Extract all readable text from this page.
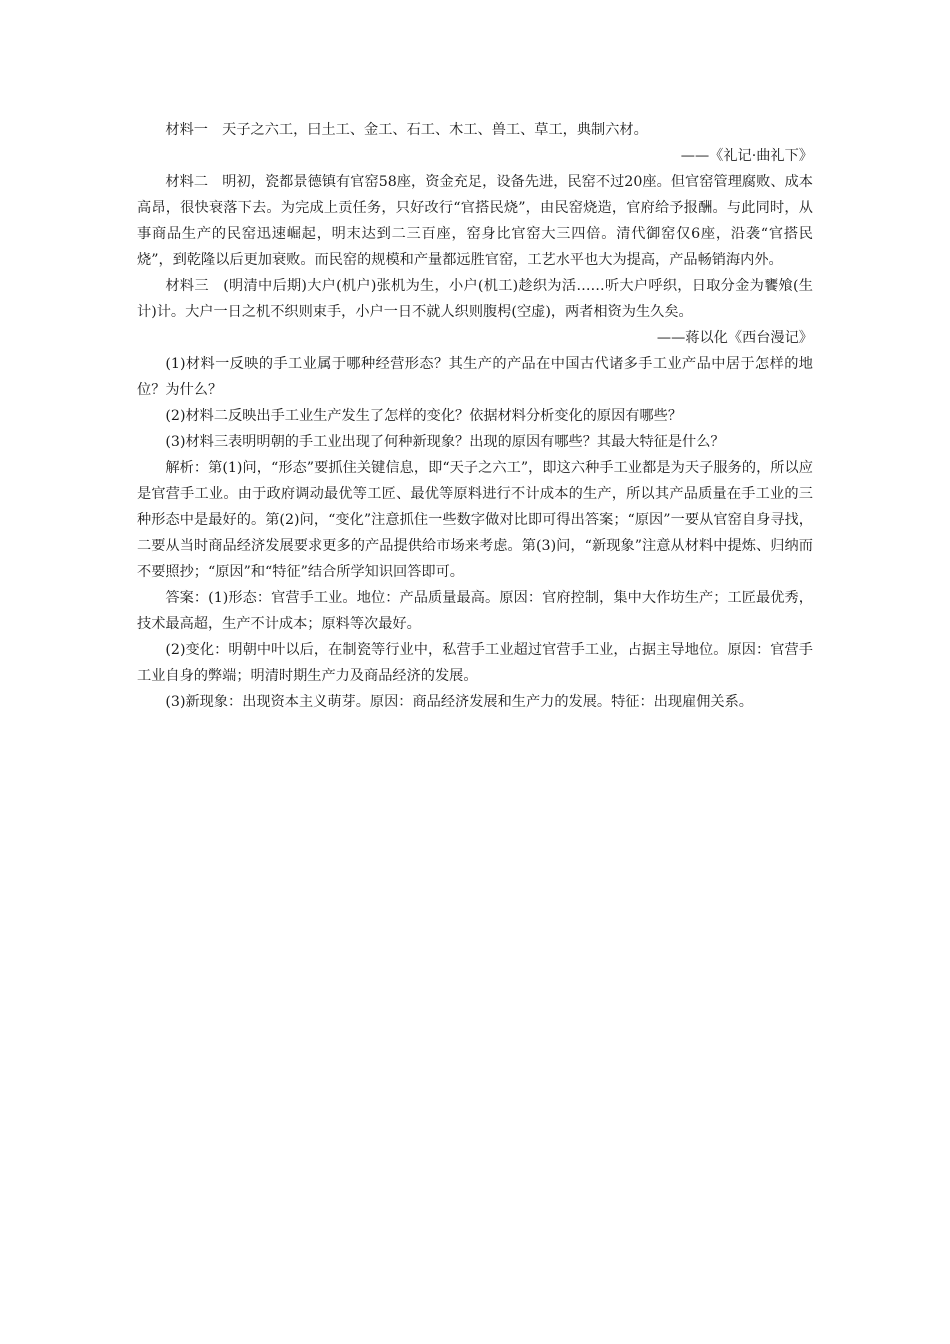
材料一　天子之六工，曰土工、金工、石工、木工、兽工、草工，典制六材。

——《礼记·曲礼下》

材料二　明初，瓷都景德镇有官窑58座，资金充足，设备先进，民窑不过20座。但官窑管理腐败、成本高昂，很快衰落下去。为完成上贡任务，只好改行“官搭民烧”，由民窑烧造，官府给予报酬。与此同时，从事商品生产的民窑迅速崛起，明末达到二三百座，窑身比官窑大三四倍。清代御窑仅6座，沿袭“官搭民烧”，到乾隆以后更加衰败。而民窑的规模和产量都远胜官窑，工艺水平也大为提高，产品畅销海内外。

材料三　(明清中后期)大户(机户)张机为生，小户(机工)趁织为活……听大户呼织，日取分金为饔飧(生计)计。大户一日之机不织则束手，小户一日不就人织则腹枵(空虚)，两者相资为生久矣。

——蒋以化《西台漫记》

(1)材料一反映的手工业属于哪种经营形态？其生产的产品在中国古代诸多手工业产品中居于怎样的地位？为什么？

(2)材料二反映出手工业生产发生了怎样的变化？依据材料分析变化的原因有哪些？

(3)材料三表明明朝的手工业出现了何种新现象？出现的原因有哪些？其最大特征是什么？

解析：第(1)问，“形态”要抓住关键信息，即“天子之六工”，即这六种手工业都是为天子服务的，所以应是官营手工业。由于政府调动最优等工匠、最优等原料进行不计成本的生产，所以其产品质量在手工业的三种形态中是最好的。第(2)问，“变化”注意抓住一些数字做对比即可得出答案；“原因”一要从官窑自身寻找，二要从当时商品经济发展要求更多的产品提供给市场来考虑。第(3)问，“新现象”注意从材料中提炼、归纳而不要照抄；“原因”和“特征”结合所学知识回答即可。

答案：(1)形态：官营手工业。地位：产品质量最高。原因：官府控制，集中大作坊生产；工匠最优秀，技术最高超，生产不计成本；原料等次最好。

(2)变化：明朝中叶以后，在制瓷等行业中，私营手工业超过官营手工业，占据主导地位。原因：官营手工业自身的弊端；明清时期生产力及商品经济的发展。

(3)新现象：出现资本主义萌芽。原因：商品经济发展和生产力的发展。特征：出现雇佣关系。
